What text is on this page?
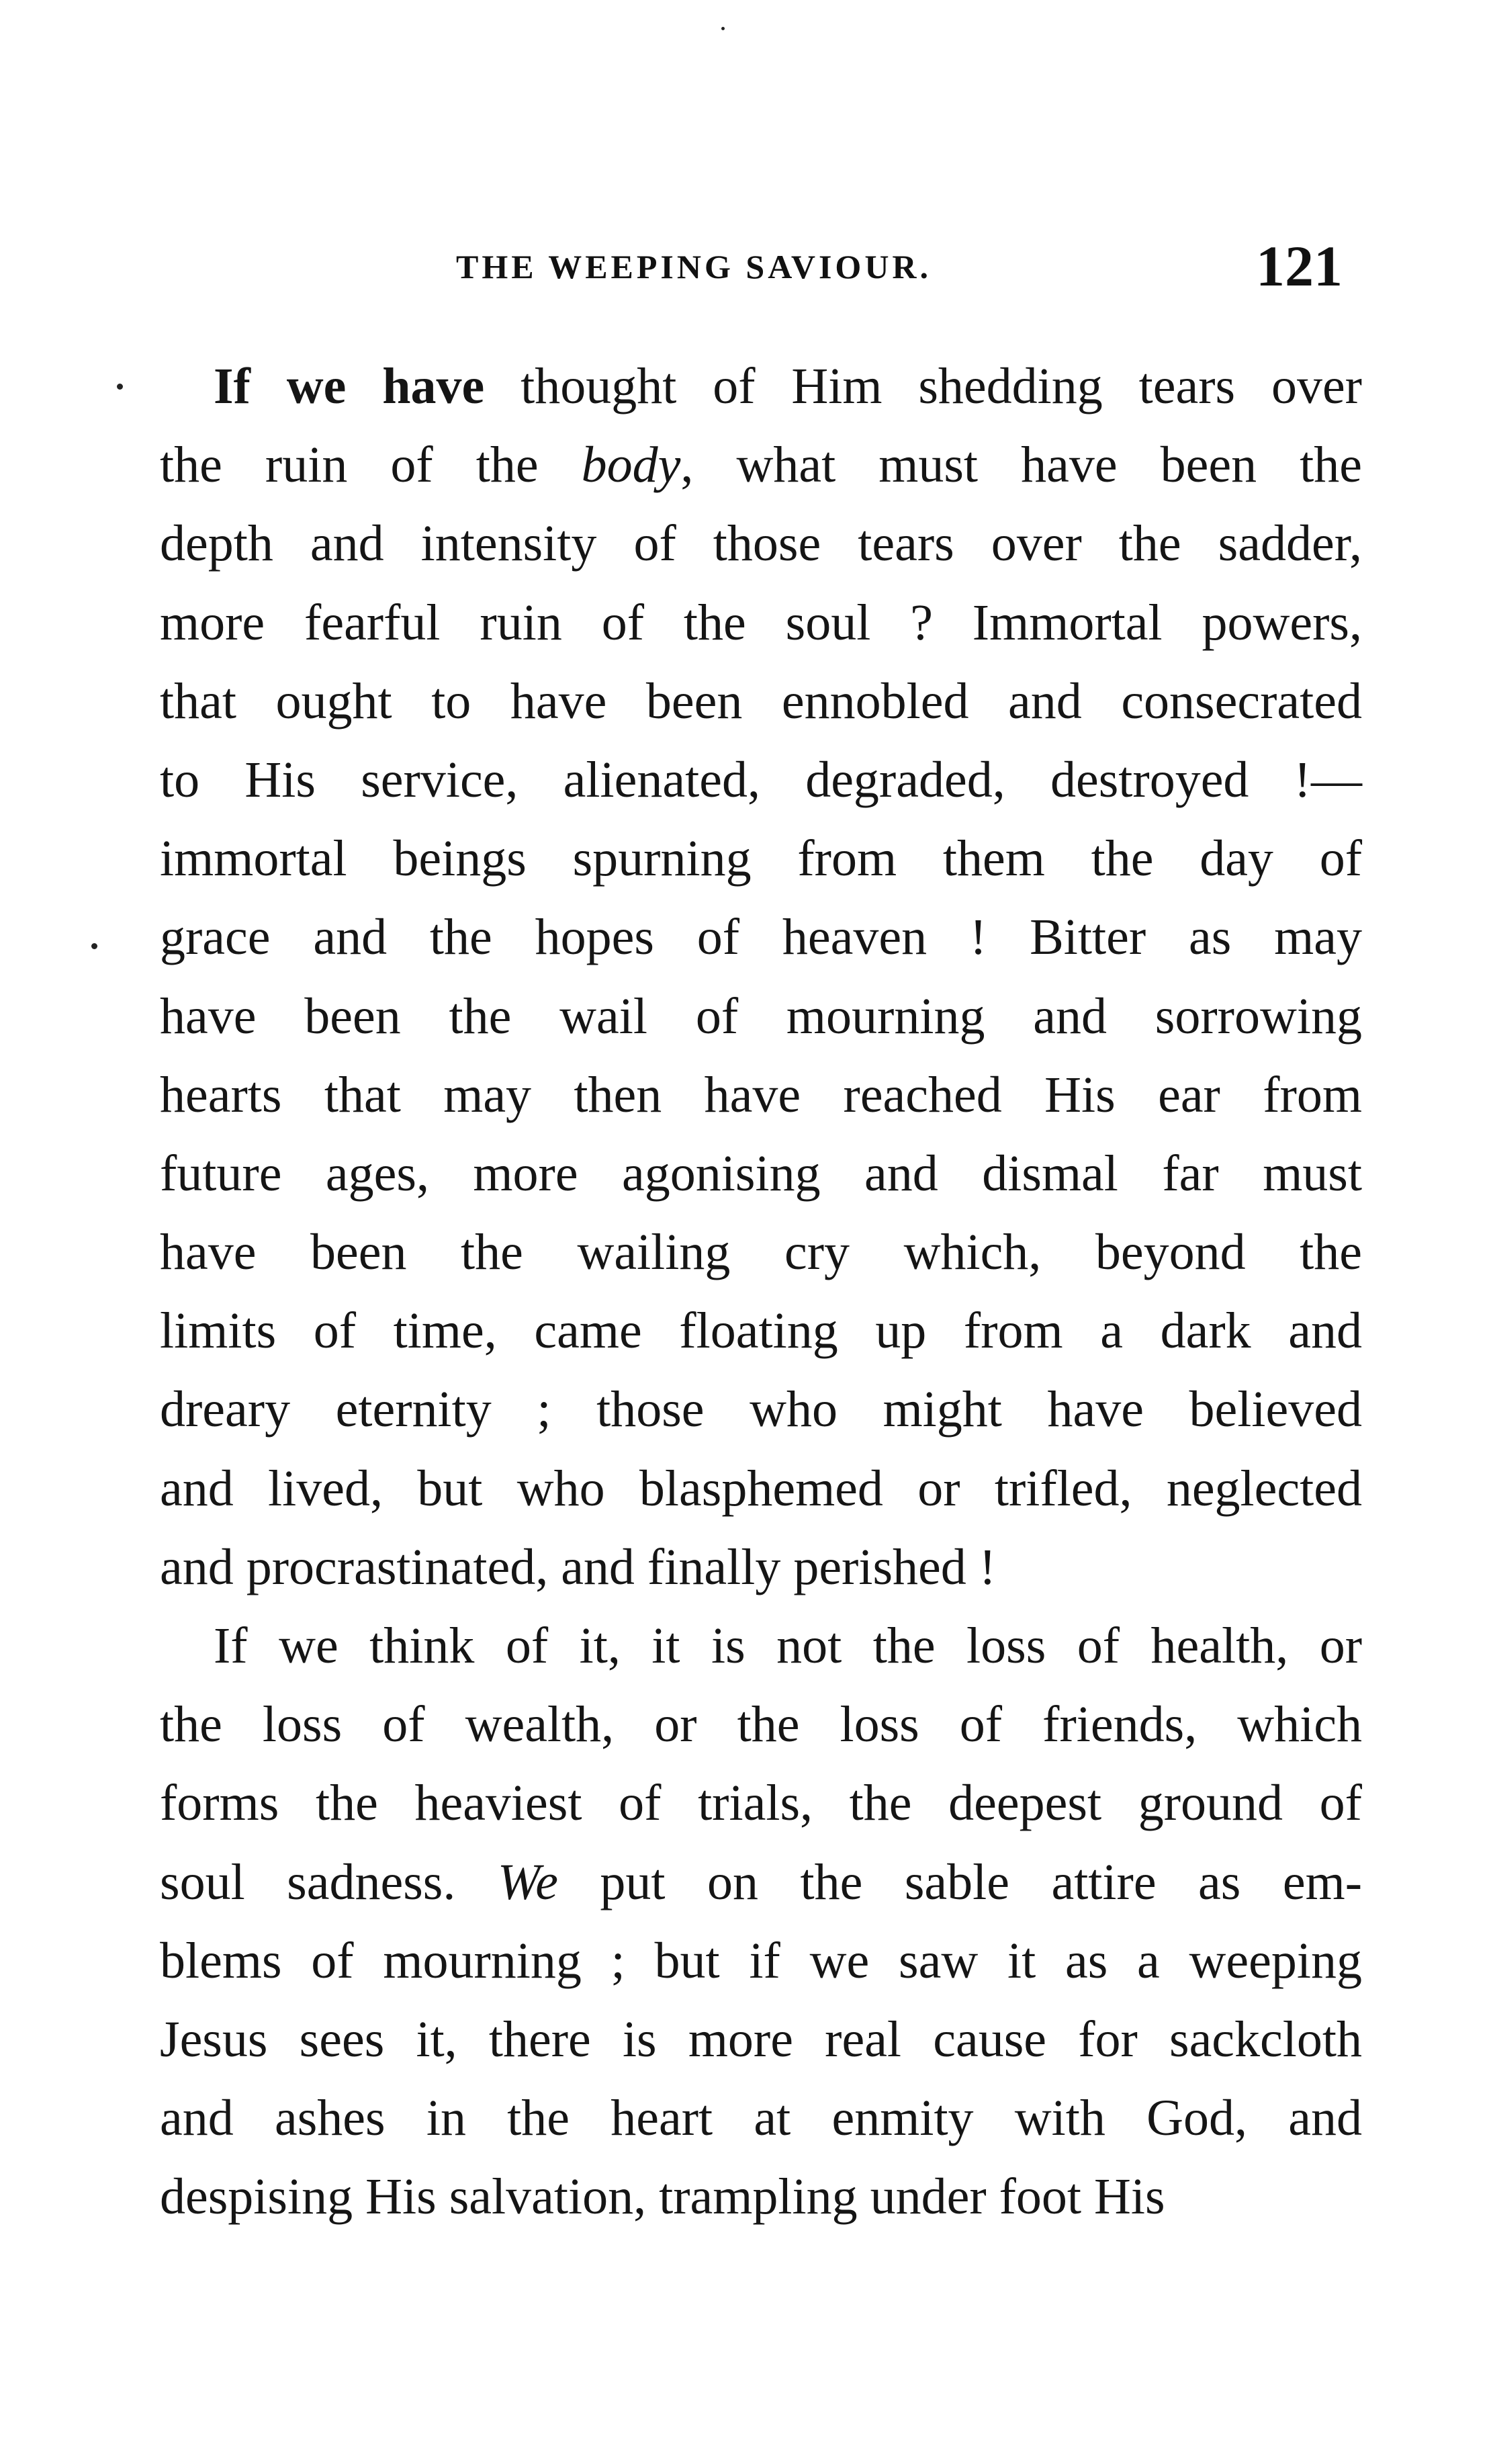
THE WEEPING SAVIOUR.	121
If we have thought of Him shedding tears over
the ruin of the body, what must have been the
depth and intensity of those tears over the sadder,
more fearful ruin of the soul ? Immortal powers,
that ought to have been ennobled and consecrated
to His service, alienated, degraded, destroyed !—
immortal beings spurning from them the day of
grace and the hopes of heaven ! Bitter as may
have been the wail of mourning and sorrowing
hearts that may then have reached His ear from
future ages, more agonising and dismal far must
have been the wailing cry which, beyond the
limits of time, came floating up from a dark and
dreary eternity ; those who might have believed
and lived, but who blasphemed or trifled, neglected
and procrastinated, and finally perished !
If we think of it, it is not the loss of health, or
the loss of wealth, or the loss of friends, which
forms the heaviest of trials, the deepest ground of
soul sadness. We put on the sable attire as em-
blems of mourning ; but if we saw it as a weeping
Jesus sees it, there is more real cause for sackcloth
and ashes in the heart at enmity with God, and
despising His salvation, trampling under foot His
